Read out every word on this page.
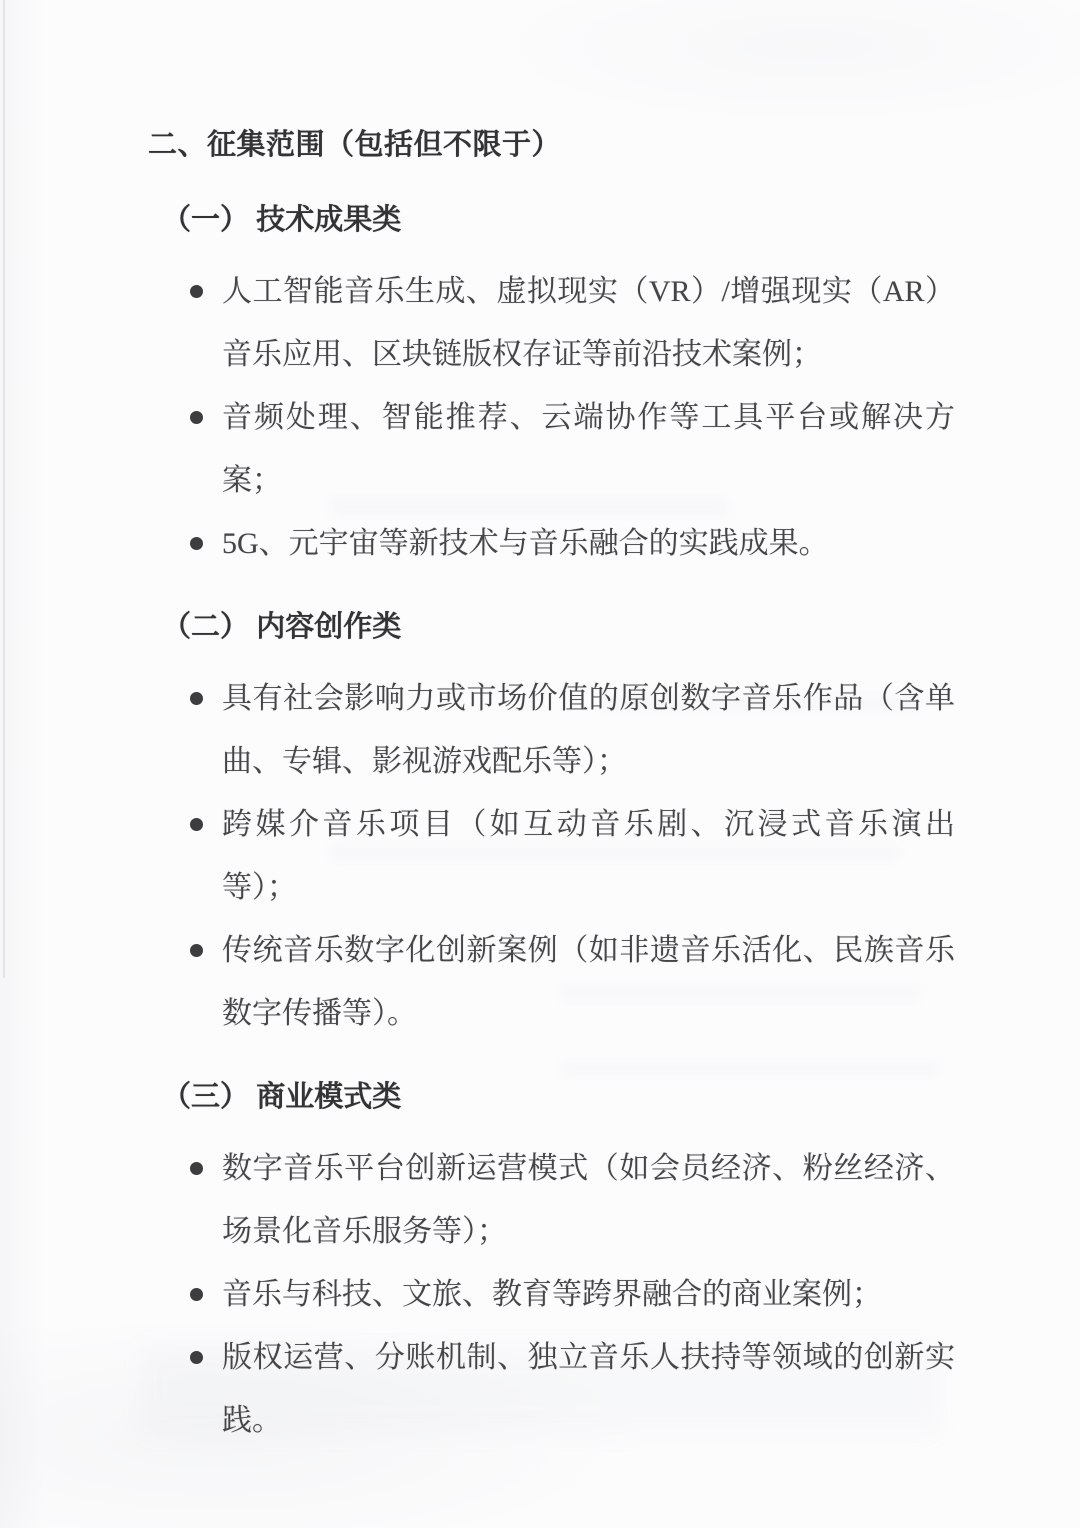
二、征集范围（包括但不限于）
（一） 技术成果类
人工智能音乐生成、虚拟现实（VR）/增强现实（AR）音乐应用、区块链版权存证等前沿技术案例；
音频处理、智能推荐、云端协作等工具平台或解决方案；
5G、元宇宙等新技术与音乐融合的实践成果。
（二） 内容创作类
具有社会影响力或市场价值的原创数字音乐作品（含单曲、专辑、影视游戏配乐等）；
跨媒介音乐项目（如互动音乐剧、沉浸式音乐演出等）；
传统音乐数字化创新案例（如非遗音乐活化、民族音乐数字传播等）。
（三） 商业模式类
数字音乐平台创新运营模式（如会员经济、粉丝经济、场景化音乐服务等）；
音乐与科技、文旅、教育等跨界融合的商业案例；
版权运营、分账机制、独立音乐人扶持等领域的创新实践。
